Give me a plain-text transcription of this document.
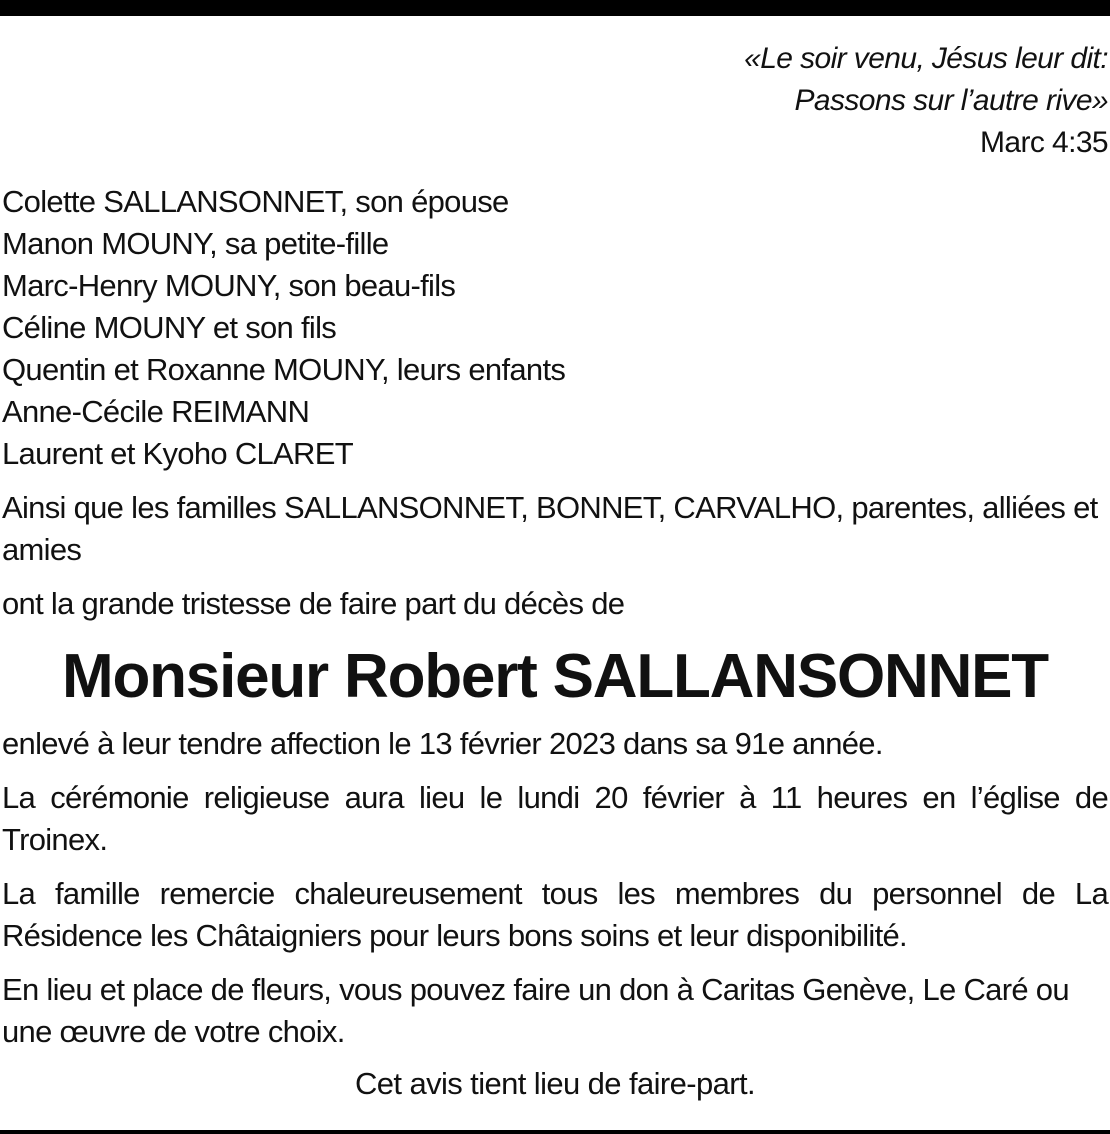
«Le soir venu, Jésus leur dit:
Passons sur l’autre rive»
Marc 4:35
Colette SALLANSONNET, son épouse
Manon MOUNY, sa petite-fille
Marc-Henry MOUNY, son beau-fils
Céline MOUNY et son fils
Quentin et Roxanne MOUNY, leurs enfants
Anne-Cécile REIMANN
Laurent et Kyoho CLARET
Ainsi que les familles SALLANSONNET, BONNET, CARVALHO, parentes, alliées et amies
ont la grande tristesse de faire part du décès de
Monsieur Robert SALLANSONNET
enlevé à leur tendre affection le 13 février 2023 dans sa 91e année.
La cérémonie religieuse aura lieu le lundi 20 février à 11 heures en l’église de Troinex.
La famille remercie chaleureusement tous les membres du personnel de La Résidence les Châtaigniers pour leurs bons soins et leur disponibilité.
En lieu et place de fleurs, vous pouvez faire un don à Caritas Genève, Le Caré ou une œuvre de votre choix.
Cet avis tient lieu de faire-part.
